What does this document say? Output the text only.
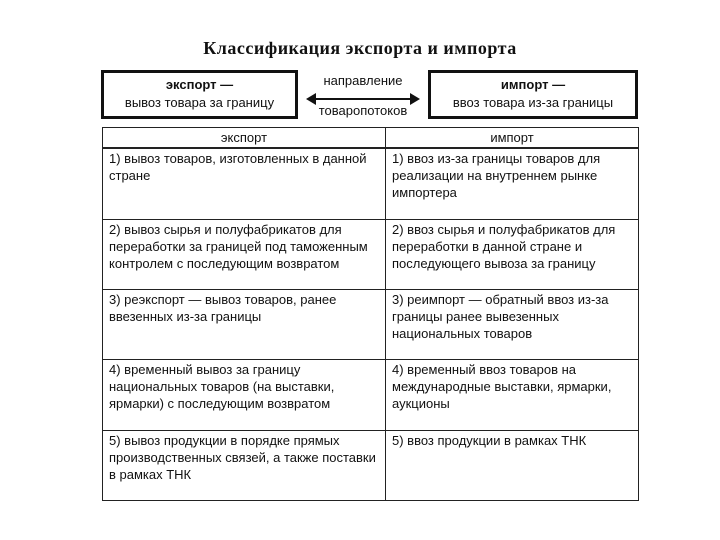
Классификация экспорта и импорта
экспорт —
вывоз товара за границу
направление
товаропотоков
импорт —
ввоз товара из-за границы
экспорт	импорт
1) вывоз товаров, изготовленных в данной стране	1) ввоз из-за границы товаров для реализации на внутреннем рынке импортера
2) вывоз сырья и полуфабрикатов для переработки за границей под таможенным контролем с последующим возвратом	2) ввоз сырья и полуфабрикатов для переработки в данной стране и последующего вывоза за границу
3) реэкспорт — вывоз товаров, ранее ввезенных из-за границы	3) реимпорт — обратный ввоз из-за границы ранее вывезенных национальных товаров
4) временный вывоз за границу национальных товаров (на выставки, ярмарки) с последующим возвратом	4) временный ввоз товаров на международные выставки, ярмарки, аукционы
5) вывоз продукции в порядке прямых производственных связей, а также поставки в рамках ТНК	5) ввоз продукции в рамках ТНК
